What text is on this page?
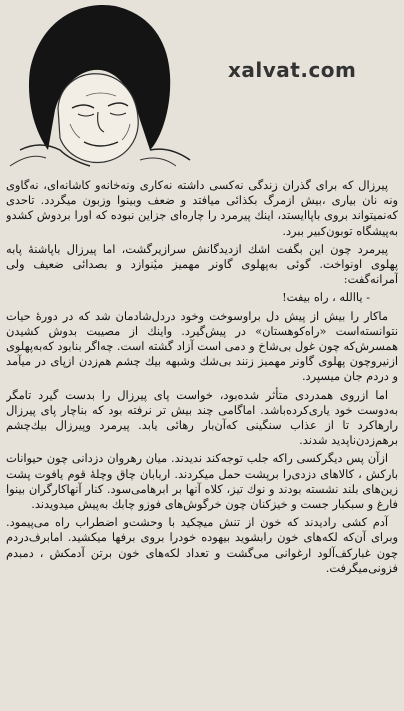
xalvat.com

پیرزال که برای گذران زندگی نه‌کسی داشته نه‌کاری ونه‌خانه‌و کاشانه‌ای، نه‌گاوی ونه نان بیاری ،بیش ازمرگ بکذائی میافتد و ضعف وبینوا وزبون میگردد. تاحدی که‌نمیتواند بروی باپاایستد، اینك پیرمرد را چاره‌ای جزاین نبوده که اورا بردوش کشدو به‌پیشگاه توبون‌کبیر ببرد.

پیرمرد چون این بگفت اشك ازدیدگانش سرازیرگشت، اما پیرزال باپاشنهٔ پابه پهلوی اونواخت. گوئی به‌پهلوی گاونر مهمیز میٔنوازد و بصدائی ضعیف ولی آمرانه‌گفت:

- یاالله ، راه بیفت!

ماکار را بیش از پیش دل براوسوخت وخود دردل‌شادمان شد که در دورهٔ حیات نتوانسته‌است «راه‌کوهستان» در پیش‌گیرد. واینك از مصیبت بدوش کشیدن همسرش‌که چون غول بی‌شاخ و دمی است آزاد گشته است. چه‌اگر بنابود که‌به‌پهلوی ازنیروچون پهلوی گاونر مهمیز زنند بی‌شك وشبهه بیك چشم هم‌زدن ازپای در میآمد و دردم جان میسپرد.

اما ازروی همدردی متأثر شده‌بود، خواست پای پیرزال را بدست گیرد تامگر به‌دوست خود یاری‌کرده‌باشد. اماگامی چند بیش تر نرفته بود که بناچار پای پیرزال رارهاکرد تا از عذاب سنگینی که‌آن‌بار رهائی یابد. پیرمرد وپیرزال بیك‌چشم برهم‌زدن‌ناپدید شدند.

ازآن پس دیگرکسی راکه جلب توجه‌کند ندیدند. میان رهروان دزدانی چون حیوانات بارکش ، کالاهای دزدی‌را برپشت حمل میکردند. اربابان چاق وچلهٔ قوم یافوت پشت زین‌های بلند نشسته بودند و نوك تیز، کلاه آنها بر ابرهامی‌سود. کنار آنهاکارگران بینوا فارغ و سبکبار جست و خیزکنان چون خرگوش‌های فوزو چابك به‌پیش میدویدند.

آدم‌ کشی رادیدند که خون از تنش میچکید با وحشت‌و اضطراب راه می‌پیمود. وبرای آن‌که لکه‌های خون رابشوید بیهوده خودرا بروی برفها میکشید. امابرف‌دردم چون غبارکف‌آلود ارغوانی می‌گشت و تعداد لکه‌های خون برتن آدمکش ، دمبدم فزونی‌میگرفت.
